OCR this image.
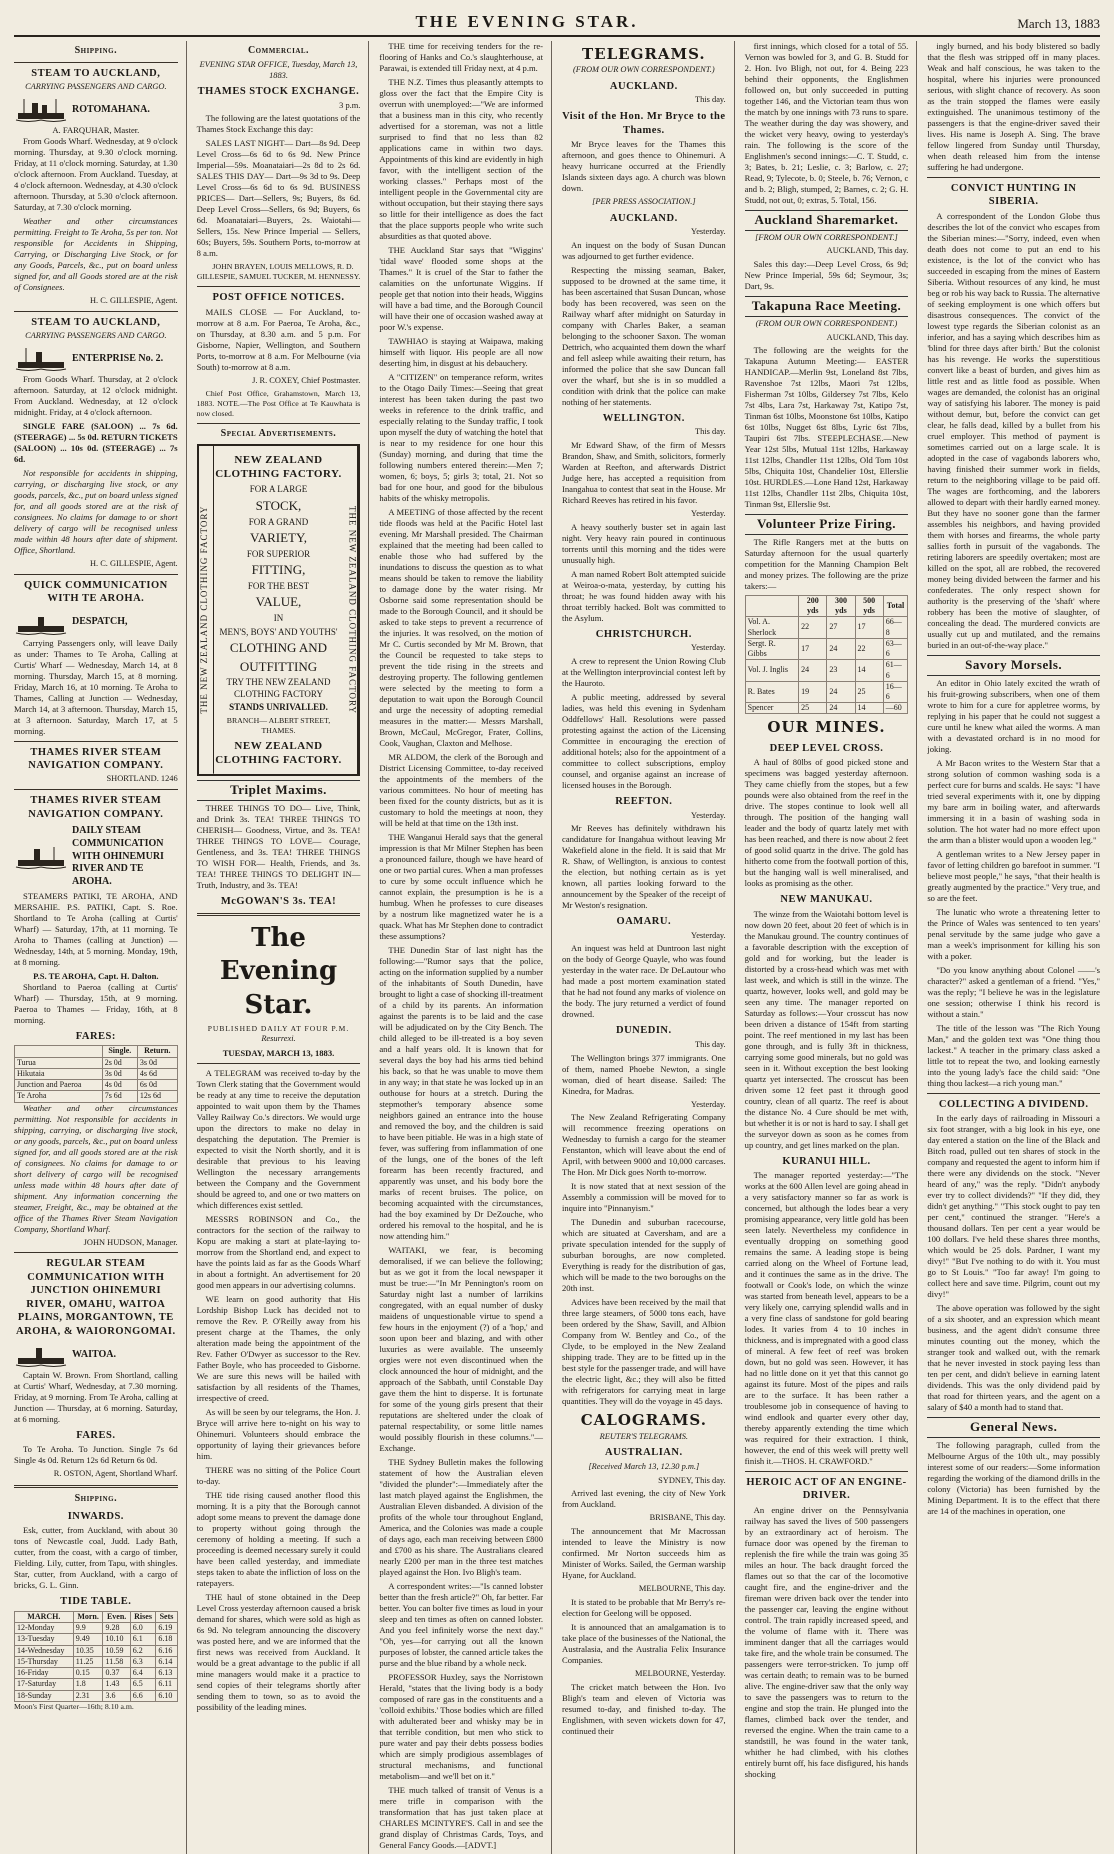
THE EVENING STAR.	March 13, 1883
Shipping.
STEAM TO AUCKLAND,
CARRYING PASSENGERS AND CARGO.
ROTOMAHANA.
A. FARQUHAR, Master.

From Goods Wharf. Wednesday, at 9 o'clock morning. Thursday, at 9.30 o'clock morning. Friday, at 11 o'clock morning. Saturday, at 1.30 o'clock afternoon. From Auckland. Tuesday, at 4 o'clock afternoon. Wednesday, at 4.30 o'clock afternoon. Thursday, at 5.30 o'clock afternoon. Saturday, at 7.30 o'clock morning.

Weather and other circumstances permitting. Freight to Te Aroha, 5s per ton. Not responsible for Accidents in Shipping, Carrying, or Discharging Live Stock, or for any Goods, Parcels, &c., put on board unless signed for, and all Goods stored are at the risk of Consignees.

H. C. GILLESPIE, Agent.
STEAM TO AUCKLAND,
CARRYING PASSENGERS AND CARGO.
ENTERPRISE No. 2.

From Goods Wharf. Thursday, at 2 o'clock afternoon. Saturday, at 12 o'clock midnight. From Auckland. Wednesday, at 12 o'clock midnight. Friday, at 4 o'clock afternoon.

SINGLE FARE (SALOON) ... 7s 6d. (STEERAGE) ... 5s 0d. RETURN TICKETS (SALOON) ... 10s 0d. (STEERAGE) ... 7s 6d.

Not responsible for accidents in shipping, carrying, or discharging live stock, or any goods, parcels, &c., put on board unless signed for, and all goods stored are at the risk of consignees. No claims for damage to or short delivery of cargo will be recognised unless made within 48 hours after date of shipment. Office, Shortland.

H. C. GILLESPIE, Agent.
QUICK COMMUNICATION WITH TE AROHA.
DESPATCH,

Carrying Passengers only, will leave Daily as under: Thames to Te Aroha, Calling at Curtis' Wharf — Wednesday, March 14, at 8 morning. Thursday, March 15, at 8 morning. Friday, March 16, at 10 morning. Te Aroha to Thames, Calling at Junction — Wednesday, March 14, at 3 afternoon. Thursday, March 15, at 3 afternoon. Saturday, March 17, at 5 morning.

THAMES RIVER STEAM NAVIGATION COMPANY.
SHORTLAND. 1246
THAMES RIVER STEAM NAVIGATION COMPANY.
DAILY STEAM COMMUNICATION WITH OHINEMURI RIVER AND TE AROHA.

STEAMERS PATIKI, TE AROHA, AND MERSAHIE. P.S. PATIKI, Capt. S. Roe. Shortland to Te Aroha (calling at Curtis' Wharf) — Saturday, 17th, at 11 morning. Te Aroha to Thames (calling at Junction) — Wednesday, 14th, at 5 morning. Monday, 19th, at 8 morning.

P.S. TE AROHA, Capt. H. Dalton.

Shortland to Paeroa (calling at Curtis' Wharf) — Thursday, 15th, at 9 morning. Paeroa to Thames — Friday, 16th, at 8 morning.

FARES:
	Single.	Return.
Turua	2s 0d	3s 0d
Hikutaia	3s 0d	4s 6d
Junction and Paeroa	4s 0d	6s 0d
Te Aroha	7s 6d	12s 6d

Weather and other circumstances permitting. Not responsible for accidents in shipping, carrying, or discharging live stock, or any goods, parcels, &c., put on board unless signed for, and all goods stored are at the risk of consignees. No claims for damage to or short delivery of cargo will be recognised unless made within 48 hours after date of shipment. Any information concerning the steamer, Freight, &c., may be obtained at the office of the Thames River Steam Navigation Company, Shortland Wharf.

JOHN HUDSON, Manager.
REGULAR STEAM COMMUNICATION WITH JUNCTION OHINEMURI RIVER, OMAHU, WAITOA PLAINS, MORGANTOWN, TE AROHA, & WAIORONGOMAI.
WAITOA.

Captain W. Brown. From Shortland, calling at Curtis' Wharf, Wednesday, at 7.30 morning. Friday, at 9 morning. From Te Aroha, calling at Junction — Thursday, at 6 morning. Saturday, at 6 morning.

FARES.

To Te Aroha. To Junction. Single 7s 6d Single 4s 0d. Return 12s 6d Return 6s 0d.

R. OSTON, Agent, Shortland Wharf.
Shipping.
INWARDS.

Esk, cutter, from Auckland, with about 30 tons of Newcastle coal, Judd. Lady Bath, cutter, from the coast, with a cargo of timber, Fielding. Lily, cutter, from Tapu, with shingles. Star, cutter, from Auckland, with a cargo of bricks, G. L. Ginn.

TIDE TABLE.
MARCH.	Morn.	Even.	Rises	Sets
12-Monday	9.9	9.28	6.0	6.19
13-Tuesday	9.49	10.10	6.1	6.18
14-Wednesday	10.35	10.59	6.2	6.16
15-Thursday	11.25	11.58	6.3	6.14
16-Friday	0.15	0.37	6.4	6.13
17-Saturday	1.8	1.43	6.5	6.11
18-Sunday	2.31	3.6	6.6	6.10
Moon's First Quarter—16th; 8.10 a.m.
Commercial.
EVENING STAR OFFICE, Tuesday, March 13, 1883.
THAMES STOCK EXCHANGE.
3 p.m.

The following are the latest quotations of the Thames Stock Exchange this day:

SALES LAST NIGHT— Dart—8s 9d. Deep Level Cross—6s 6d to 6s 9d. New Prince Imperial—59s. Moanataiari—2s 8d to 2s 6d. SALES THIS DAY— Dart—9s 3d to 9s. Deep Level Cross—6s 6d to 6s 9d. BUSINESS PRICES— Dart—Sellers, 9s; Buyers, 8s 6d. Deep Level Cross—Sellers, 6s 9d; Buyers, 6s 6d. Moanataiari—Buyers, 2s. Waiotahi—Sellers, 15s. New Prince Imperial — Sellers, 60s; Buyers, 59s. Southern Ports, to-morrow at 8 a.m.

JOHN BRAYEN, LOUIS MELLOWS, R. D. GILLESPIE, SAMUEL TUCKER, M. HENNESSY.

POST OFFICE NOTICES.

MAILS CLOSE — For Auckland, to-morrow at 8 a.m. For Paeroa, Te Aroha, &c., on Thursday, at 8.30 a.m. and 5 p.m. For Gisborne, Napier, Wellington, and Southern Ports, to-morrow at 8 a.m. For Melbourne (via South) to-morrow at 8 a.m.

J. R. COXEY, Chief Postmaster.

Chief Post Office, Grahamstown, March 13, 1883. NOTE.—The Post Office at Te Kauwhata is now closed.

Special Advertisements.
THE NEW ZEALAND CLOTHING FACTORY	THE NEW ZEALAND CLOTHING FACTORY
NEW ZEALAND CLOTHING FACTORY.
FOR A LARGE
STOCK,
FOR A GRAND
VARIETY,
FOR SUPERIOR
FITTING,
FOR THE BEST
VALUE,
IN
MEN'S, BOYS' AND YOUTHS'
CLOTHING AND
OUTFITTING
TRY THE NEW ZEALAND CLOTHING FACTORY
STANDS UNRIVALLED.
BRANCH— ALBERT STREET, THAMES.
NEW ZEALAND CLOTHING FACTORY.
Triplet Maxims.

THREE THINGS TO DO— Live, Think, and Drink 3s. TEA! THREE THINGS TO CHERISH— Goodness, Virtue, and 3s. TEA! THREE THINGS TO LOVE— Courage, Gentleness, and 3s. TEA! THREE THINGS TO WISH FOR— Health, Friends, and 3s. TEA! THREE THINGS TO DELIGHT IN— Truth, Industry, and 3s. TEA!

McGOWAN'S 3s. TEA!
The Evening Star.
PUBLISHED DAILY AT FOUR P.M.
Resurrexi.
TUESDAY, MARCH 13, 1883.

A TELEGRAM was received to-day by the Town Clerk stating that the Government would be ready at any time to receive the deputation appointed to wait upon them by the Thames Valley Railway Co.'s directors. We would urge upon the directors to make no delay in despatching the deputation. The Premier is expected to visit the North shortly, and it is desirable that previous to his leaving Wellington the necessary arrangements between the Company and the Government should be agreed to, and one or two matters on which differences exist settled.

MESSRS ROBINSON and Co., the contractors for the section of the railway to Kopu are making a start at plate-laying to-morrow from the Shortland end, and expect to have the points laid as far as the Goods Wharf in about a fortnight. An advertisement for 20 good men appears in our advertising columns.

WE learn on good authority that His Lordship Bishop Luck has decided not to remove the Rev. P. O'Reilly away from his present charge at the Thames, the only alteration made being the appointment of the Rev. Father O'Dwyer as successor to the Rev. Father Boyle, who has proceeded to Gisborne. We are sure this news will be hailed with satisfaction by all residents of the Thames, irrespective of creed.

As will be seen by our telegrams, the Hon. J. Bryce will arrive here to-night on his way to Ohinemuri. Volunteers should embrace the opportunity of laying their grievances before him.

THERE was no sitting of the Police Court to-day.

THE tide rising caused another flood this morning. It is a pity that the Borough cannot adopt some means to prevent the damage done to property without going through the ceremony of holding a meeting. If such a proceeding is deemed necessary surely it could have been called yesterday, and immediate steps taken to abate the infliction of loss on the ratepayers.

THE haul of stone obtained in the Deep Level Cross yesterday afternoon caused a brisk demand for shares, which were sold as high as 6s 9d. No telegram announcing the discovery was posted here, and we are informed that the first news was received from Auckland. It would be a great advantage to the public if all mine managers would make it a practice to send copies of their telegrams shortly after sending them to town, so as to avoid the possibility of the leading mines.

THE time for receiving tenders for the re-flooring of Hanks and Co.'s slaughterhouse, at Parawai, is extended till Friday next, at 4 p.m.

THE N.Z. Times thus pleasantly attempts to gloss over the fact that the Empire City is overrun with unemployed:—"We are informed that a business man in this city, who recently advertised for a storeman, was not a little surprised to find that no less than 82 applications came in within two days. Appointments of this kind are evidently in high favor, with the intelligent section of the working classes." Perhaps most of the intelligent people in the Governmental city are without occupation, but their staying there says so little for their intelligence as does the fact that the place supports people who write such absurdities as that quoted above.

THE Auckland Star says that "Wiggins' 'tidal wave' flooded some shops at the Thames." It is cruel of the Star to father the calamities on the unfortunate Wiggins. If people get that notion into their heads, Wiggins will have a bad time, and the Borough Council will have their one of occasion washed away at poor W.'s expense.

TAWHIAO is staying at Waipawa, making himself with liquor. His people are all now deserting him, in disgust at his debauchery.

A "CITIZEN" on temperance reform, writes to the Otago Daily Times:—Seeing that great interest has been taken during the past two weeks in reference to the drink traffic, and especially relating to the Sunday traffic, I took upon myself the duty of watching the hotel that is near to my residence for one hour this (Sunday) morning, and during that time the following numbers entered therein:—Men 7; women, 6; boys, 5; girls 3; total, 21. Not so bad for one hour, and good for the bibulous habits of the whisky metropolis.

A MEETING of those affected by the recent tide floods was held at the Pacific Hotel last evening. Mr Marshall presided. The Chairman explained that the meeting had been called to enable those who had suffered by the inundations to discuss the question as to what means should be taken to remove the liability to damage done by the water rising. Mr Osborne said some representation should be made to the Borough Council, and it should be asked to take steps to prevent a recurrence of the injuries. It was resolved, on the motion of Mr C. Curtis seconded by Mr M. Brown, that the Council be requested to take steps to prevent the tide rising in the streets and destroying property. The following gentlemen were selected by the meeting to form a deputation to wait upon the Borough Council and urge the necessity of adopting remedial measures in the matter:— Messrs Marshall, Brown, McCaul, McGregor, Frater, Collins, Cook, Vaughan, Claxton and Melhose.

MR ALDOM, the clerk of the Borough and District Licensing Committee, to-day received the appointments of the members of the various committees. No hour of meeting has been fixed for the county districts, but as it is customary to hold the meetings at noon, they will be held at that time on the 13th inst.

THE Wanganui Herald says that the general impression is that Mr Milner Stephen has been a pronounced failure, though we have heard of one or two partial cures. When a man professes to cure by some occult influence which he cannot explain, the presumption is he is a humbug. When he professes to cure diseases by a nostrum like magnetized water he is a quack. What has Mr Stephen done to contradict these assumptions?

THE Dunedin Star of last night has the following:—"Rumor says that the police, acting on the information supplied by a number of the inhabitants of South Dunedin, have brought to light a case of shocking ill-treatment of a child by its parents. An information against the parents is to be laid and the case will be adjudicated on by the City Bench. The child alleged to be ill-treated is a boy seven and a half years old. It is known that for several days the boy had his arms tied behind his back, so that he was unable to move them in any way; in that state he was locked up in an outhouse for hours at a stretch. During the stepmother's temporary absence some neighbors gained an entrance into the house and removed the boy, and the children is said to have been pitiable. He was in a high state of fever, was suffering from inflammation of one of the lungs, one of the bones of the left forearm has been recently fractured, and apparently was unset, and his body bore the marks of recent bruises. The police, on becoming acquainted with the circumstances, had the boy examined by Dr DeZouche, who ordered his removal to the hospital, and he is now attending him."

WAITAKI, we fear, is becoming demoralised, if we can believe the following; but as we got it from the local newspaper it must be true:—"In Mr Pennington's room on Saturday night last a number of larrikins congregated, with an equal number of dusky maidens of unquestionable virtue to spend a few hours in the enjoyment (?) of a 'hop,' and soon upon beer and blazing, and with other luxuries as were available. The unseemly orgies were not even discontinued when the clock announced the hour of midnight, and the approach of the Sabbath, until Constable Day gave them the hint to disperse. It is fortunate for some of the young girls present that their reputations are sheltered under the cloak of paternal respectability, or some little names would possibly flourish in these columns."—Exchange.

THE Sydney Bulletin makes the following statement of how the Australian eleven "divided the plunder":—Immediately after the last match played against the Englishmen, the Australian Eleven disbanded. A division of the profits of the whole tour throughout England, America, and the Colonies was made a couple of days ago, each man receiving between £800 and £700 as his share. The Australians cleared nearly £200 per man in the three test matches played against the Hon. Ivo Bligh's team.

A correspondent writes:—"Is canned lobster better than the fresh article?" Oh, far better. Far better. You can bolter five times as loud in your sleep and ten times as often on canned lobster. And you feel infinitely worse the next day." "Oh, yes—for carrying out all the known purposes of lobster, the canned article takes the purse and the blue riband by a whole neck.

PROFESSOR Huxley, says the Norristown Herald, "states that the living body is a body composed of rare gas in the constituents and a 'colloid exhibits.' Those bodies which are filled with adulterated beer and whisky may be in that terrible condition, but men who stick to pure water and pay their debts possess bodies which are simply prodigious assemblages of structural mechanisms, and functional metabolism—and we'll bet on it."

THE much talked of transit of Venus is a mere trifle in comparison with the transformation that has just taken place at CHARLES MCINTYRE'S. Call in and see the grand display of Christmas Cards, Toys, and General Fancy Goods.—[ADVT.]

TELEGRAMS.
(FROM OUR OWN CORRESPONDENT.)
AUCKLAND.
This day.
Visit of the Hon. Mr Bryce to the Thames.

Mr Bryce leaves for the Thames this afternoon, and goes thence to Ohinemuri. A heavy hurricane occurred at the Friendly Islands sixteen days ago. A church was blown down.

[PER PRESS ASSOCIATION.]
AUCKLAND.
Yesterday.

An inquest on the body of Susan Duncan was adjourned to get further evidence.

Respecting the missing seaman, Baker, supposed to be drowned at the same time, it has been ascertained that Susan Duncan, whose body has been recovered, was seen on the Railway wharf after midnight on Saturday in company with Charles Baker, a seaman belonging to the schooner Saxon. The woman Dettrich, who acquainted them down the wharf and fell asleep while awaiting their return, has informed the police that she saw Duncan fall over the wharf, but she is in so muddled a condition with drink that the police can make nothing of her statements.

WELLINGTON.
This day.

Mr Edward Shaw, of the firm of Messrs Brandon, Shaw, and Smith, solicitors, formerly Warden at Reefton, and afterwards District Judge here, has accepted a requisition from Inangahua to contest that seat in the House. Mr Richard Reeves has retired in his favor.

Yesterday.

A heavy southerly buster set in again last night. Very heavy rain poured in continuous torrents until this morning and the tides were unusually high.

A man named Robert Bolt attempted suicide at Weiroa-o-mata, yesterday, by cutting his throat; he was found hidden away with his throat terribly hacked. Bolt was committed to the Asylum.

CHRISTCHURCH.
Yesterday.

A crew to represent the Union Rowing Club at the Wellington interprovincial contest left by the Hauroto.

A public meeting, addressed by several ladies, was held this evening in Sydenham Oddfellows' Hall. Resolutions were passed protesting against the action of the Licensing Committee in encouraging the erection of additional hotels; also for the appointment of a committee to collect subscriptions, employ counsel, and organise against an increase of licensed houses in the Borough.

REEFTON.
Yesterday.

Mr Reeves has definitely withdrawn his candidature for Inangahua without leaving Mr Wakefield alone in the field. It is said that Mr R. Shaw, of Wellington, is anxious to contest the election, but nothing certain as is yet known, all parties looking forward to the announcement by the Speaker of the receipt of Mr Weston's resignation.

OAMARU.
Yesterday.

An inquest was held at Duntroon last night on the body of George Quayle, who was found yesterday in the water race. Dr DeLautour who had made a post mortem examination stated that he had not found any marks of violence on the body. The jury returned a verdict of found drowned.

DUNEDIN.
This day.

The Wellington brings 377 immigrants. One of them, named Phoebe Newton, a single woman, died of heart disease. Sailed: The Kinedra, for Madras.

Yesterday.

The New Zealand Refrigerating Company will recommence freezing operations on Wednesday to furnish a cargo for the steamer Fenstanton, which will leave about the end of April, with between 9000 and 10,000 carcases. The Hon. Mr Dick goes North to-morrow.

It is now stated that at next session of the Assembly a commission will be moved for to inquire into "Pinnanyism."

The Dunedin and suburban racecourse, which are situated at Caversham, and are a private speculation intended for the supply of suburban boroughs, are now completed. Everything is ready for the distribution of gas, which will be made to the two boroughs on the 20th inst.

Advices have been received by the mail that three large steamers, of 5000 tons each, have been ordered by the Shaw, Savill, and Albion Company from W. Bentley and Co., of the Clyde, to be employed in the New Zealand shipping trade. They are to be fitted up in the best style for the passenger trade, and will have the electric light, &c.; they will also be fitted with refrigerators for carrying meat in large quantities. They will do the voyage in 45 days.

CALOGRAMS.
REUTER'S TELEGRAMS.
AUSTRALIAN.
[Received March 13, 12.30 p.m.]
SYDNEY, This day.

Arrived last evening, the city of New York from Auckland.

BRISBANE, This day.

The announcement that Mr Macrossan intended to leave the Ministry is now confirmed. Mr Norton succeeds him as Minister of Works. Sailed, the German warship Hyane, for Auckland.

MELBOURNE, This day.

It is stated to be probable that Mr Berry's re-election for Geelong will be opposed.

It is announced that an amalgamation is to take place of the businesses of the National, the Australasia, and the Australia Felix Insurance Companies.

MELBOURNE, Yesterday.

The cricket match between the Hon. Ivo Bligh's team and eleven of Victoria was resumed to-day, and finished to-day. The Englishmen, with seven wickets down for 47, continued their

first innings, which closed for a total of 55. Vernon was bowled for 3, and G. B. Studd for 2. Hon. Ivo Bligh, not out, for 4. Being 223 behind their opponents, the Englishmen followed on, but only succeeded in putting together 146, and the Victorian team thus won the match by one innings with 73 runs to spare. The weather during the day was showery, and the wicket very heavy, owing to yesterday's rain. The following is the score of the Englishmen's second innings:—C. T. Studd, c. 3; Bates, b. 21; Leslie, c. 3; Barlow, c. 27; Read, 9; Tylecote, b. 0; Steele, b. 76; Vernon, c and b. 2; Bligh, stumped, 2; Barnes, c. 2; G. H. Studd, not out, 0; extras, 5. Total, 156.

Auckland Sharemarket.
[FROM OUR OWN CORRESPONDENT.]
AUCKLAND, This day.

Sales this day:—Deep Level Cross, 6s 9d; New Prince Imperial, 59s 6d; Seymour, 3s; Dart, 9s.

Takapuna Race Meeting.
(FROM OUR OWN CORRESPONDENT.)
AUCKLAND, This day.

The following are the weights for the Takapuna Autumn Meeting:— EASTER HANDICAP.—Merlin 9st, Loneland 8st 7lbs, Ravenshoe 7st 12lbs, Maori 7st 12lbs, Fisherman 7st 10lbs, Gildersey 7st 7lbs, Kelo 7st 4lbs, Lara 7st, Harkaway 7st, Katipo 7st, Tinman 6st 10lbs, Moonstone 6st 10lbs, Katipo 6st 10lbs, Nugget 6st 8lbs, Lyric 6st 7lbs, Taupiri 6st 7lbs. STEEPLECHASE.—New Year 12st 5lbs, Mutual 11st 12lbs, Harkaway 11st 12lbs, Chandler 11st 12lbs, Old Tom 10st 5lbs, Chiquita 10st, Chandelier 10st, Ellerslie 10st. HURDLES.—Lone Hand 12st, Harkaway 11st 12lbs, Chandler 11st 2lbs, Chiquita 10st, Tinman 9st, Ellerslie 9st.

Volunteer Prize Firing.

The Rifle Rangers met at the butts on Saturday afternoon for the usual quarterly competition for the Manning Champion Belt and money prizes. The following are the prize takers:—

	200 yds	300 yds	500 yds	Total
Vol. A. Sherlock	22	27	17	66—8
Sergt. R. Gibbs	17	24	22	63—6
Vol. J. Inglis	24	23	14	61—6
R. Bates	19	24	25	16—6
Spencer	25	24	14	—60
OUR MINES.
DEEP LEVEL CROSS.

A haul of 80lbs of good picked stone and specimens was bagged yesterday afternoon. They came chiefly from the stopes, but a few pounds were also obtained from the reef in the drive. The stopes continue to look well all through. The position of the hanging wall leader and the body of quartz lately met with has been reached, and there is now about 2 feet of good solid quartz in the drive. The gold has hitherto come from the footwall portion of this, but the hanging wall is well mineralised, and looks as promising as the other.

NEW MANUKAU.

The winze from the Waiotahi bottom level is now down 20 feet, about 20 feet of which is in the Manukau ground. The country continues of a favorable description with the exception of gold and for working, but the leader is distorted by a cross-head which was met with last week, and which is still in the winze. The quartz, however, looks well, and gold may be seen any time. The manager reported on Saturday as follows:—Your crosscut has now been driven a distance of 154ft from starting point. The reef mentioned in my last has been gone through, and is fully 3ft in thickness, carrying some good minerals, but no gold was seen in it. Without exception the best looking quartz yet intersected. The crosscut has been driven some 12 feet past it through good country, clean of all quartz. The reef is about the distance No. 4 Cure should be met with, but whether it is or not is hard to say. I shall get the surveyor down as soon as he comes from up country, and get lines marked on the plan.

KURANUI HILL.

The manager reported yesterday:—"The works at the 600 Allen level are going ahead in a very satisfactory manner so far as work is concerned, but although the lodes bear a very promising appearance, very little gold has been seen lately. Nevertheless my confidence in eventually dropping on something good remains the same. A leading stope is being carried along on the Wheel of Fortune lead, and it continues the same as in the drive. The footwall or Cook's lode, on which the winze was started from beneath level, appears to be a very likely one, carrying splendid walls and in a very fine class of sandstone for gold bearing lodes. It varies from 4 to 10 inches in thickness, and is impregnated with a good class of mineral. A few feet of reef was broken down, but no gold was seen. However, it has had no little done on it yet that this cannot go against its future. Most of the pipes and rails are to the surface. It has been rather a troublesome job in consequence of having to wind endlook and quarter every other day, thereby apparently extending the time which was required for their extraction. I think, however, the end of this week will pretty well finish it.—THOS. H. CRAWFORD."

HEROIC ACT OF AN ENGINE-DRIVER.

An engine driver on the Pennsylvania railway has saved the lives of 500 passengers by an extraordinary act of heroism. The furnace door was opened by the fireman to replenish the fire while the train was going 35 miles an hour. The back draught forced the flames out so that the car of the locomotive caught fire, and the engine-driver and the fireman were driven back over the tender into the passenger car, leaving the engine without control. The train rapidly increased speed, and the volume of flame with it. There was imminent danger that all the carriages would take fire, and the whole train be consumed. The passengers were terror-stricken. To jump off was certain death; to remain was to be burned alive. The engine-driver saw that the only way to save the passengers was to return to the engine and stop the train. He plunged into the flames, climbed back over the tender, and reversed the engine. When the train came to a standstill, he was found in the water tank, whither he had climbed, with his clothes entirely burnt off, his face disfigured, his hands shocking

ingly burned, and his body blistered so badly that the flesh was stripped off in many places. Weak and half conscious, he was taken to the hospital, where his injuries were pronounced serious, with slight chance of recovery. As soon as the train stopped the flames were easily extinguished. The unanimous testimony of the passengers is that the engine-driver saved their lives. His name is Joseph A. Sing. The brave fellow lingered from Sunday until Thursday, when death released him from the intense suffering he had undergone.

CONVICT HUNTING IN SIBERIA.

A correspondent of the London Globe thus describes the lot of the convict who escapes from the Siberian mines:—"Sorry, indeed, even when death does not come to put an end to his existence, is the lot of the convict who has succeeded in escaping from the mines of Eastern Siberia. Without resources of any kind, he must beg or rob his way back to Russia. The alternative of seeking employment is one which offers but disastrous consequences. The convict of the lowest type regards the Siberian colonist as an inferior, and has a saying which describes him as 'blind for three days after birth.' But the colonist has his revenge. He works the superstitious convert like a beast of burden, and gives him as little rest and as little food as possible. When wages are demanded, the colonist has an original way of satisfying his laborer. The money is paid without demur, but, before the convict can get clear, he falls dead, killed by a bullet from his cruel employer. This method of payment is sometimes carried out on a large scale. It is adopted in the case of vagabonds laborers who, having finished their summer work in fields, return to the neighboring village to be paid off. The wages are forthcoming, and the laborers allowed to depart with their hardly earned money. But they have no sooner gone than the farmer assembles his neighbors, and having provided them with horses and firearms, the whole party sallies forth in pursuit of the vagabonds. The retiring laborers are speedily overtaken; most are killed on the spot, all are robbed, the recovered money being divided between the farmer and his confederates. The only respect shown for authority is the preserving of the 'shaft' where robbery has been the motive of slaughter, of concealing the dead. The murdered convicts are usually cut up and mutilated, and the remains buried in an out-of-the-way place."

Savory Morsels.

An editor in Ohio lately excited the wrath of his fruit-growing subscribers, when one of them wrote to him for a cure for appletree worms, by replying in his paper that he could not suggest a cure until he knew what ailed the worms. A man with a devastated orchard is in no mood for joking.

A Mr Bacon writes to the Western Star that a strong solution of common washing soda is a perfect cure for burns and scalds. He says: "I have tried several experiments with it, one by dipping my bare arm in boiling water, and afterwards immersing it in a basin of washing soda in solution. The hot water had no more effect upon the arm than a blister would upon a wooden leg."

A gentleman writes to a New Jersey paper in favor of letting children go barefoot in summer. "I believe most people," he says, "that their health is greatly augmented by the practice." Very true, and so are the feet.

The lunatic who wrote a threatening letter to the Prince of Wales was sentenced to ten years' penal servitude by the same judge who gave a man a week's imprisonment for killing his son with a poker.

"Do you know anything about Colonel ——'s character?" asked a gentleman of a friend. "Yes," was the reply; "I believe he was in the legislature one session; otherwise I think his record is without a stain."

The title of the lesson was "The Rich Young Man," and the golden text was "One thing thou lackest." A teacher in the primary class asked a little tot to repeat the two, and looking earnestly into the young lady's face the child said: "One thing thou lackest—a rich young man."

COLLECTING A DIVIDEND.

In the early days of railroading in Missouri a six foot stranger, with a big look in his eye, one day entered a station on the line of the Black and Bitch road, pulled out ten shares of stock in the company and requested the agent to inform him if there were any dividends on the stock. "Never heard of any," was the reply. "Didn't anybody ever try to collect dividends?" "If they did, they didn't get anything." "This stock ought to pay ten per cent," continued the stranger. "Here's a thousand dollars. Ten per cent a year would be 100 dollars. I've held these shares three months, which would be 25 dols. Pardner, I want my divy!" "But I've nothing to do with it. You must go to St Louis." "Too far away! I'm going to collect here and save time. Pilgrim, count out my divy!"

The above operation was followed by the sight of a six shooter, and an expression which meant business, and the agent didn't consume three minutes counting out the money, which the stranger took and walked out, with the remark that he never invested in stock paying less than ten per cent, and didn't believe in earning latent dividends. This was the only dividend paid by that road for thirteen years, and the agent on a salary of $40 a month had to stand that.

General News.

The following paragraph, culled from the Melbourne Argus of the 10th ult., may possibly interest some of our readers:—Some information regarding the working of the diamond drills in the colony (Victoria) has been furnished by the Mining Department. It is to the effect that there are 14 of the machines in operation, one
